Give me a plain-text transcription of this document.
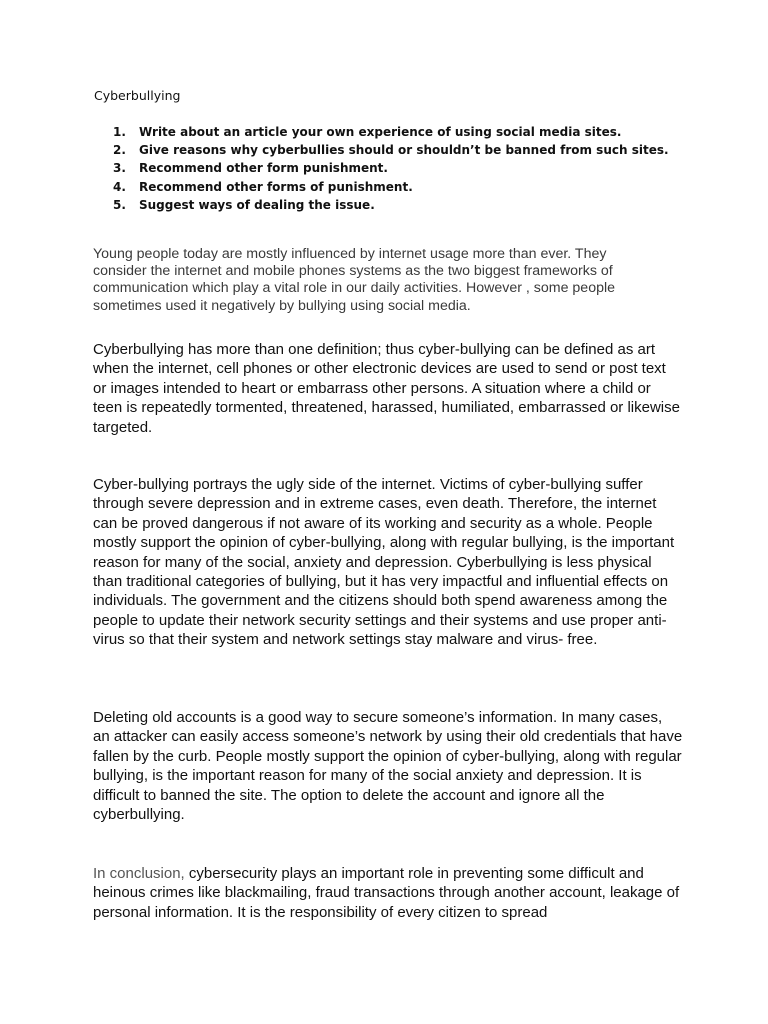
Cyberbullying
1. Write about an article your own experience of using social media sites.
2. Give reasons why cyberbullies should or shouldn’t be banned from such sites.
3. Recommend other form punishment.
4. Recommend other forms of punishment.
5. Suggest ways of dealing the issue.

Young people today are mostly influenced by internet usage more than ever. They
consider the internet and mobile phones systems as the two biggest frameworks of
communication which play a vital role in our daily activities. However , some people
sometimes used it negatively by bullying using social media.

Cyberbullying has more than one definition; thus cyber-bullying can be defined as art when the internet, cell phones or other electronic devices are used to send or post text or images intended to heart or embarrass other persons. A situation where a child or teen is repeatedly tormented, threatened, harassed, humiliated, embarrassed or likewise targeted.

Cyber-bullying portrays the ugly side of the internet. Victims of cyber-bullying suffer through severe depression and in extreme cases, even death. Therefore, the internet can be proved dangerous if not aware of its working and security as a whole. People mostly support the opinion of cyber-bullying, along with regular bullying, is the important reason for many of the social, anxiety and depression. Cyberbullying is less physical than traditional categories of bullying, but it has very impactful and influential effects on individuals. The government and the citizens should both spend awareness among the people to update their network security settings and their systems and use proper anti-virus so that their system and network settings stay malware and virus- free.

Deleting old accounts is a good way to secure someone’s information. In many cases, an attacker can easily access someone’s network by using their old credentials that have fallen by the curb. People mostly support the opinion of cyber-bullying, along with regular bullying, is the important reason for many of the social anxiety and depression. It is difficult to banned the site. The option to delete the account and ignore all the cyberbullying.

In conclusion, cybersecurity plays an important role in preventing some difficult and heinous crimes like blackmailing, fraud transactions through another account, leakage of personal information. It is the responsibility of every citizen to spread
